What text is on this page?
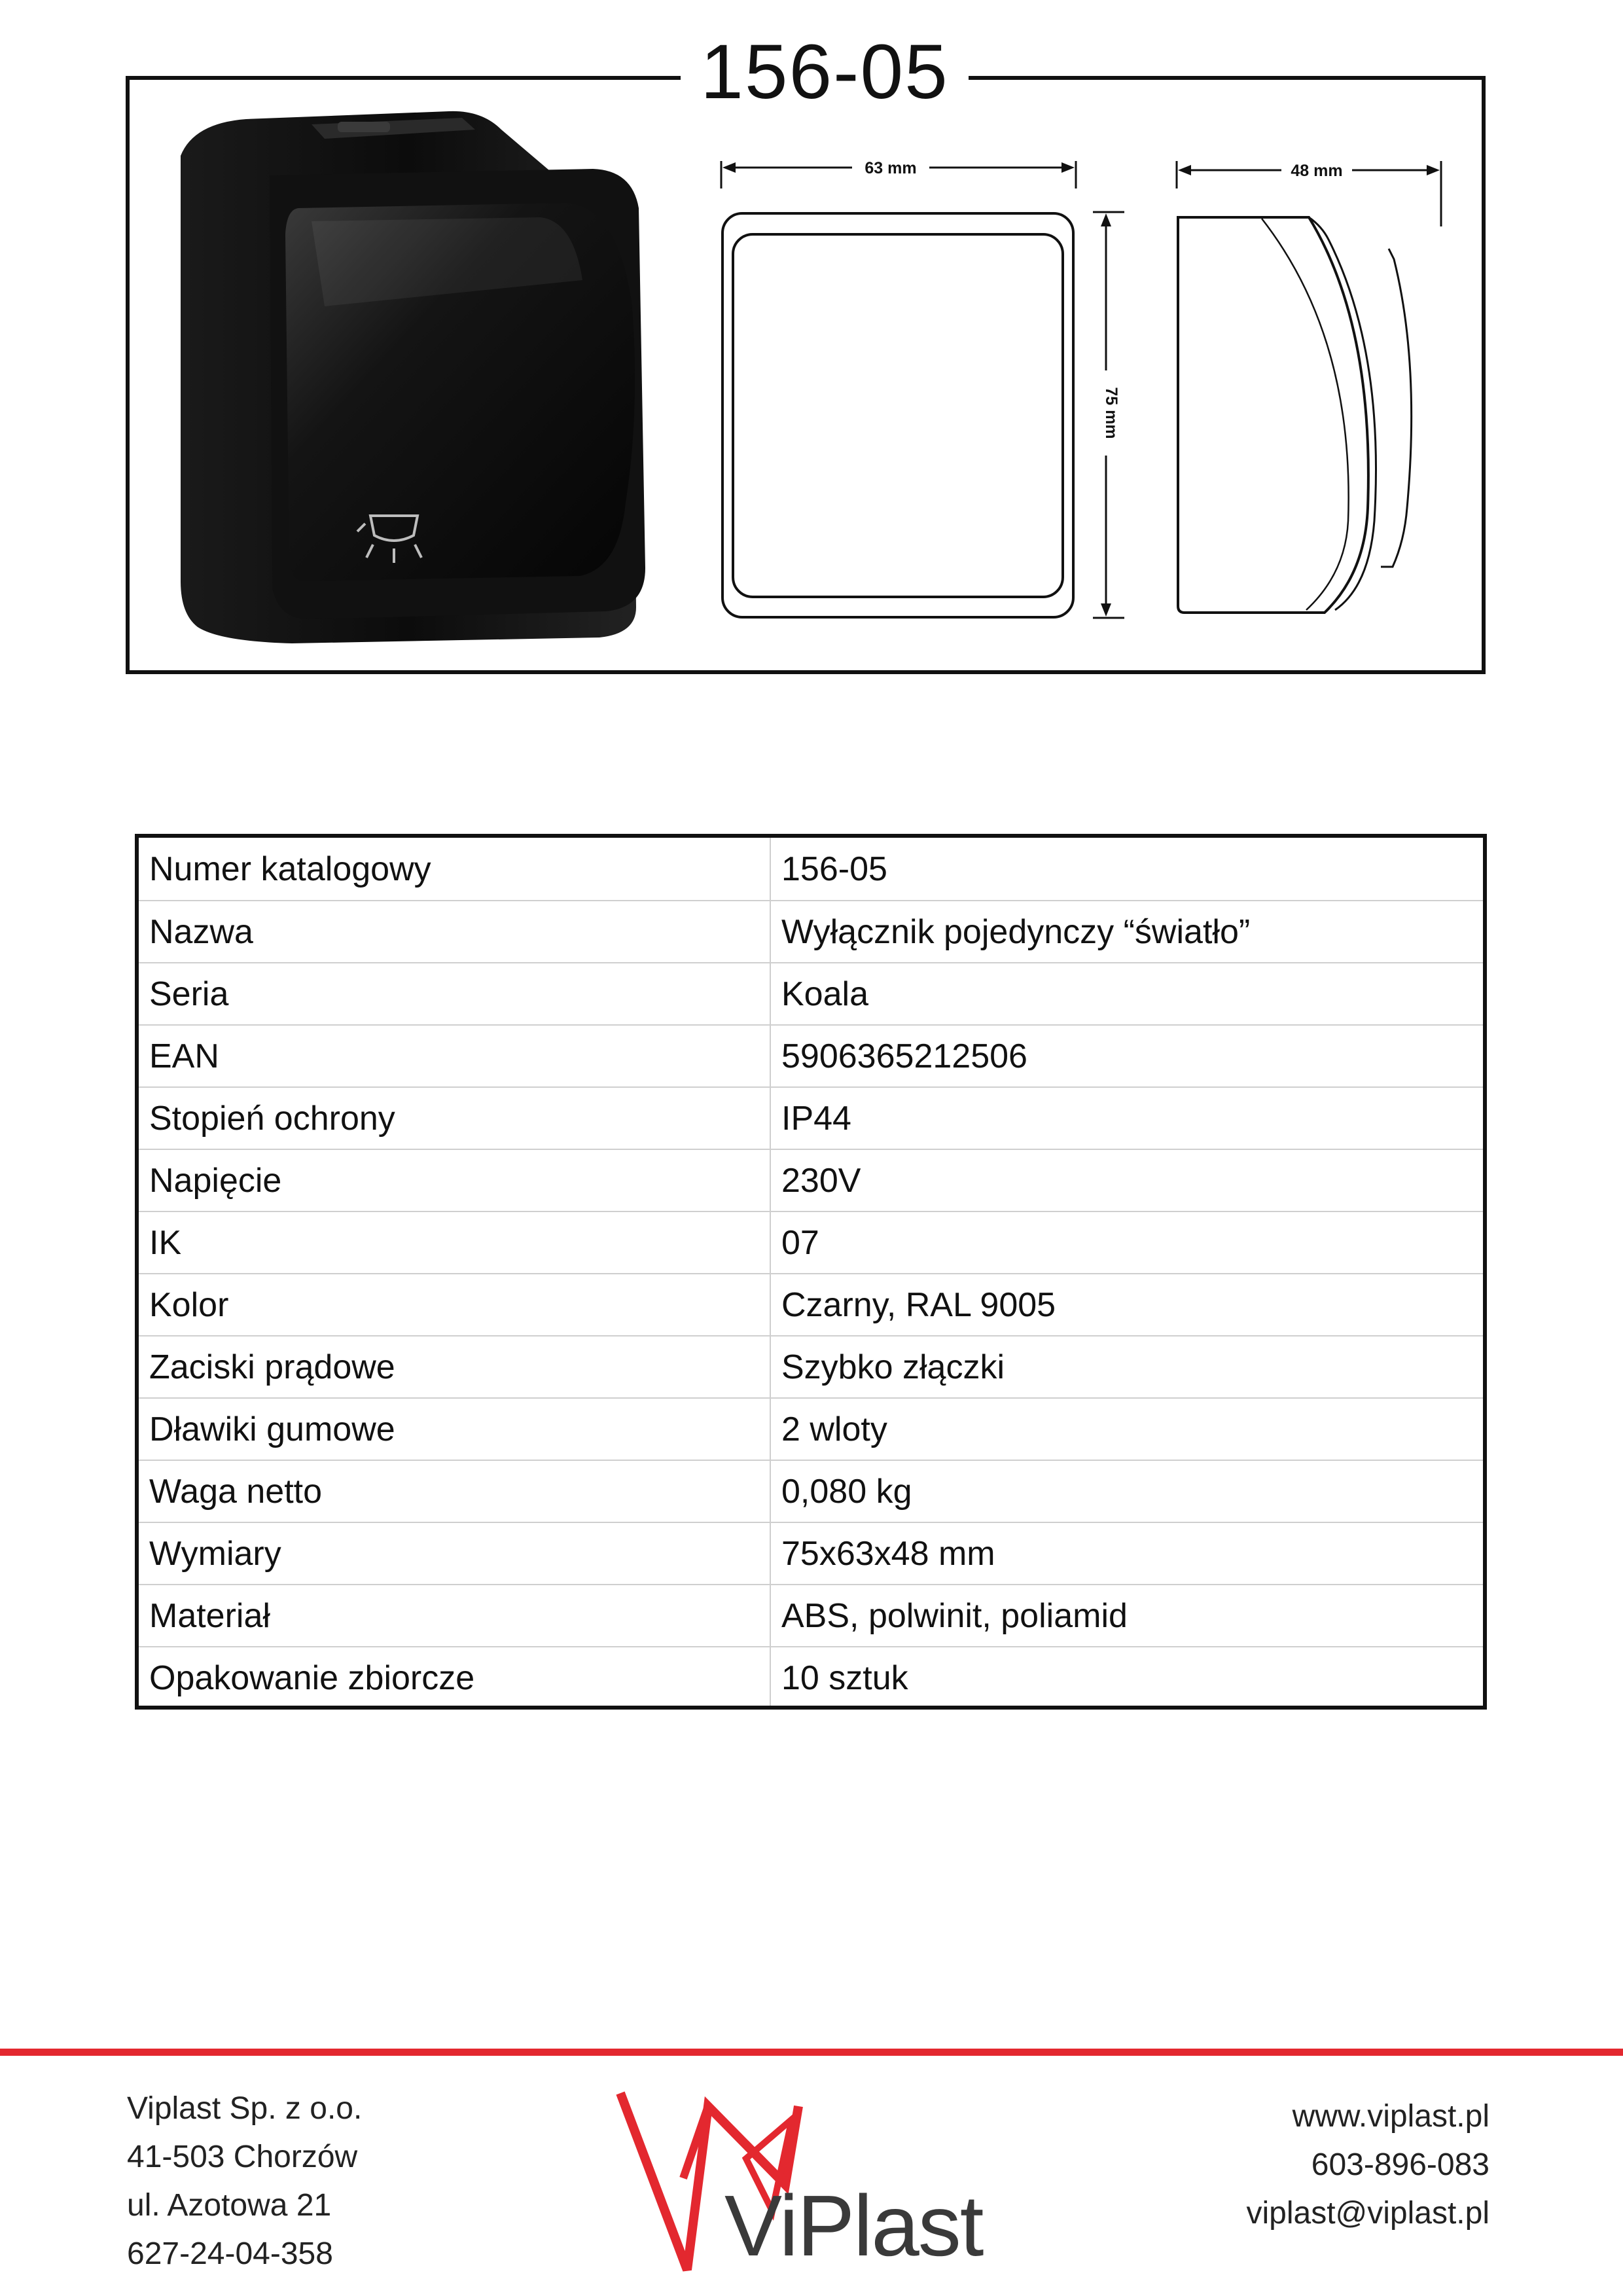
156-05
63 mm
75 mm
48 mm
Numer katalogowy	156-05
Nazwa	Wyłącznik pojedynczy “światło”
Seria	Koala
EAN	5906365212506
Stopień ochrony	IP44
Napięcie	230V
IK	07
Kolor	Czarny, RAL 9005
Zaciski prądowe	Szybko złączki
Dławiki gumowe	2 wloty
Waga netto	0,080 kg
Wymiary	75x63x48 mm
Materiał	ABS, polwinit, poliamid
Opakowanie zbiorcze	10 sztuk
Viplast Sp. z o.o.
41-503 Chorzów
ul. Azotowa 21
627-24-04-358	ViPlast
www.viplast.pl
603-896-083
viplast@viplast.pl
